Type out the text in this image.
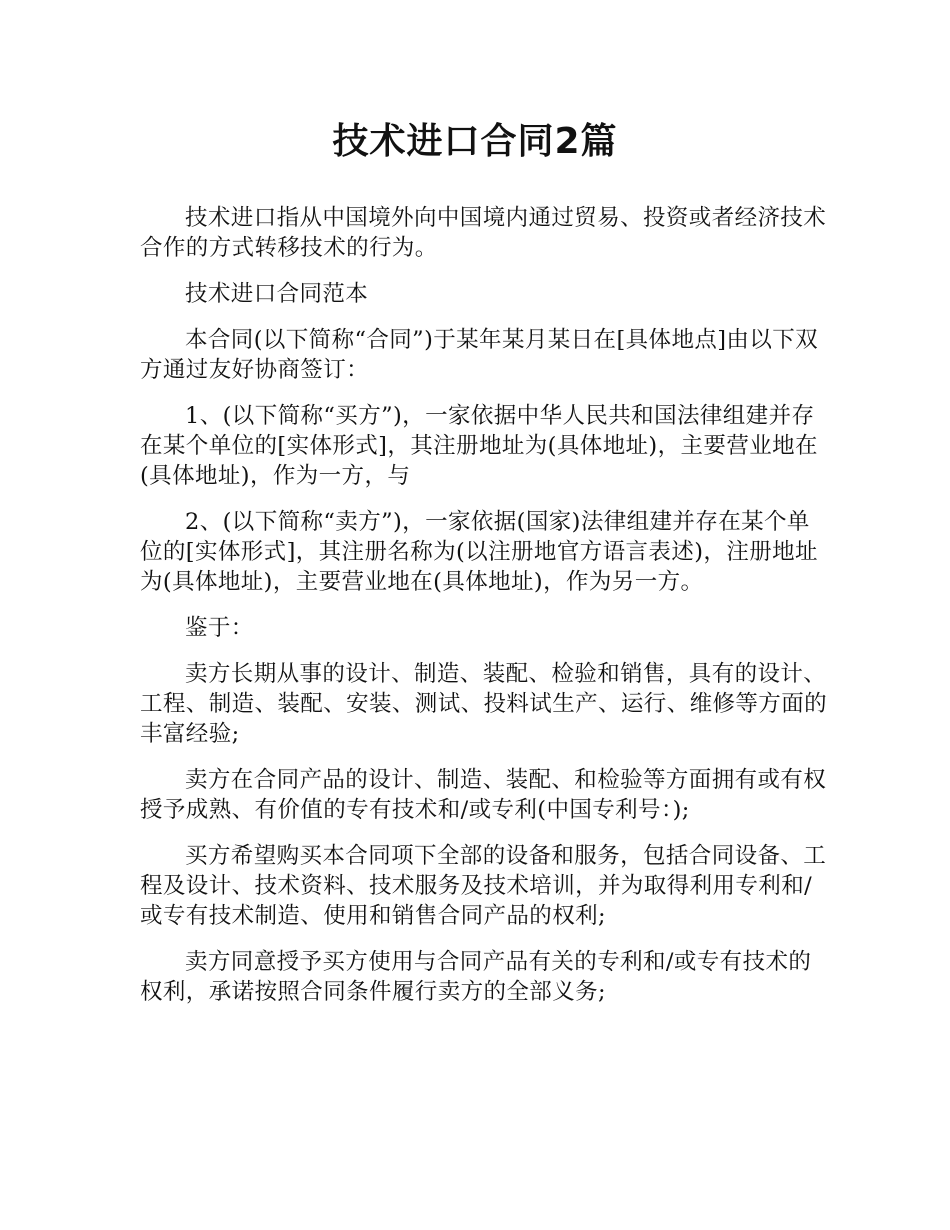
技术进口合同2篇

技术进口指从中国境外向中国境内通过贸易、投资或者经济技术合作的方式转移技术的行为。

技术进口合同范本

本合同(以下简称“合同”)于某年某月某日在[具体地点]由以下双方通过友好协商签订：

1、(以下简称“买方”)，一家依据中华人民共和国法律组建并存在某个单位的[实体形式]，其注册地址为(具体地址)，主要营业地在(具体地址)，作为一方，与

2、(以下简称“卖方”)，一家依据(国家)法律组建并存在某个单位的[实体形式]，其注册名称为(以注册地官方语言表述)，注册地址为(具体地址)，主要营业地在(具体地址)，作为另一方。

鉴于：

卖方长期从事的设计、制造、装配、检验和销售，具有的设计、工程、制造、装配、安装、测试、投料试生产、运行、维修等方面的丰富经验;

卖方在合同产品的设计、制造、装配、和检验等方面拥有或有权授予成熟、有价值的专有技术和/或专利(中国专利号：);

买方希望购买本合同项下全部的设备和服务，包括合同设备、工程及设计、技术资料、技术服务及技术培训，并为取得利用专利和/或专有技术制造、使用和销售合同产品的权利;

卖方同意授予买方使用与合同产品有关的专利和/或专有技术的权利，承诺按照合同条件履行卖方的全部义务;
